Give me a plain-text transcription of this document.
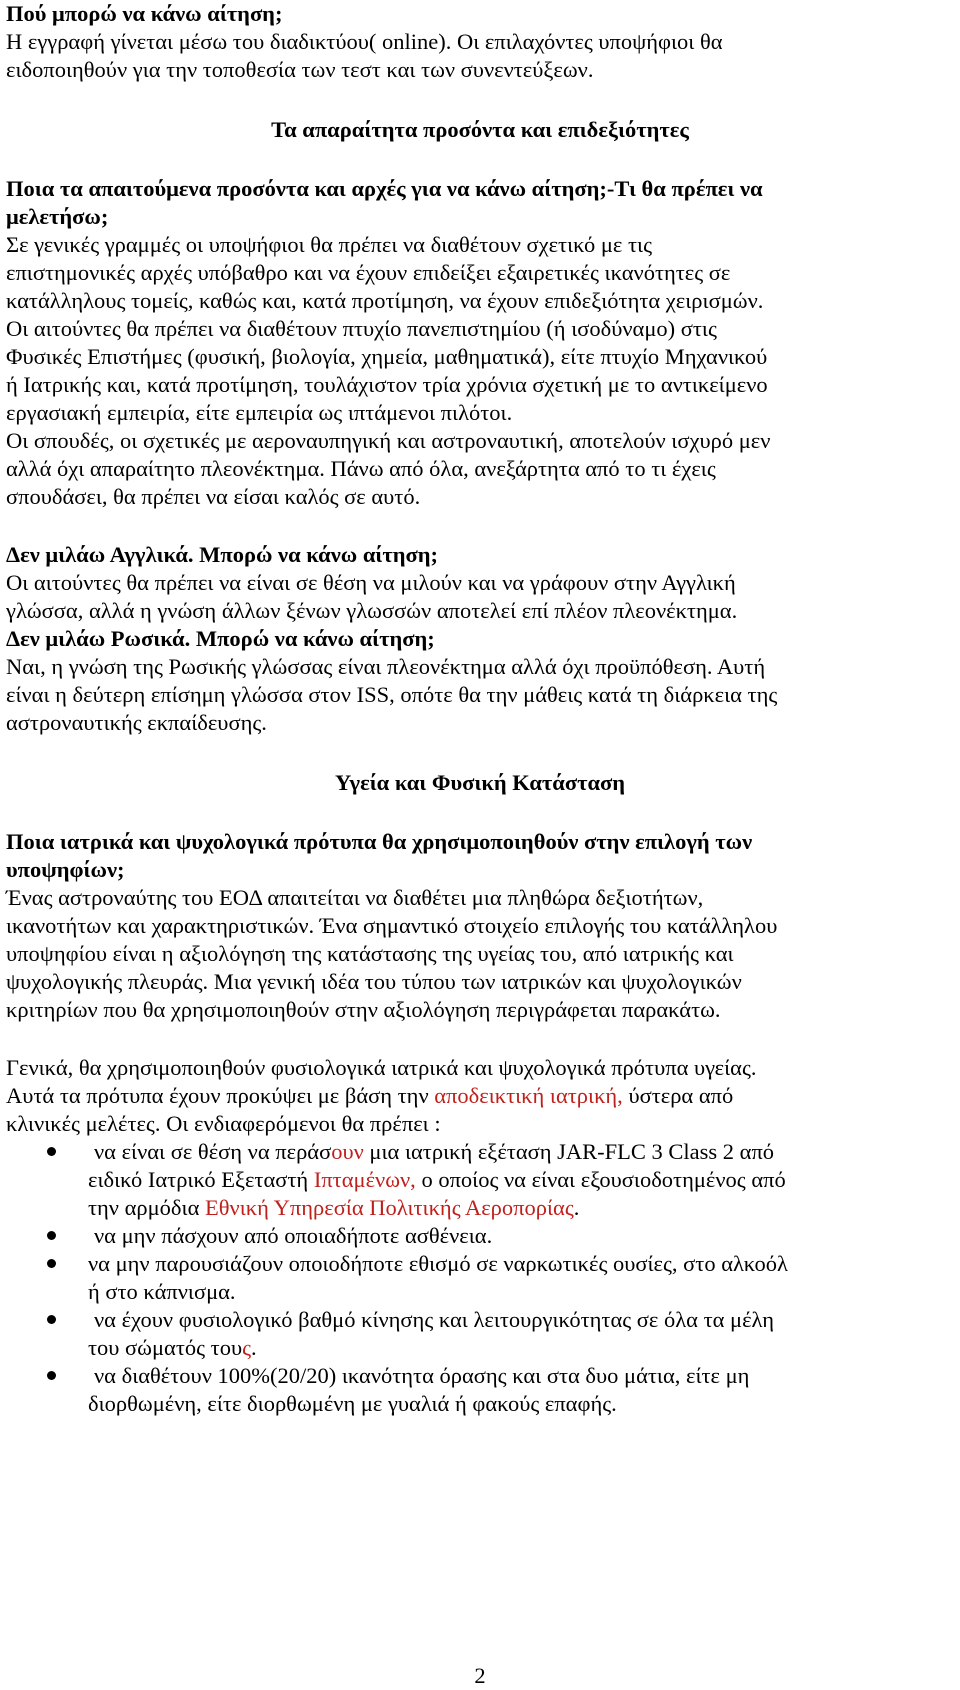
Πού μπορώ να κάνω αίτηση;

Η εγγραφή γίνεται μέσω του διαδικτύου( online). Οι επιλαχόντες υποψήφιοι θα

ειδοποιηθούν για την τοποθεσία των τεστ και των συνεντεύξεων.

Τα απαραίτητα προσόντα και επιδεξιότητες

Ποια τα απαιτούμενα προσόντα και αρχές για να κάνω αίτηση;-Τι θα πρέπει να

μελετήσω;

Σε γενικές γραμμές οι υποψήφιοι θα πρέπει να διαθέτουν σχετικό με τις

επιστημονικές αρχές υπόβαθρο και να έχουν επιδείξει εξαιρετικές ικανότητες σε

κατάλληλους τομείς, καθώς και, κατά προτίμηση, να έχουν επιδεξιότητα χειρισμών.

Οι αιτούντες θα πρέπει να διαθέτουν πτυχίο πανεπιστημίου (ή ισοδύναμο) στις

Φυσικές Επιστήμες (φυσική, βιολογία, χημεία, μαθηματικά), είτε πτυχίο Μηχανικού

ή Ιατρικής και, κατά προτίμηση, τουλάχιστον τρία χρόνια σχετική με το αντικείμενο

εργασιακή εμπειρία, είτε εμπειρία ως ιπτάμενοι πιλότοι.

Οι σπουδές, οι σχετικές με αεροναυπηγική και αστροναυτική, αποτελούν ισχυρό μεν

αλλά όχι απαραίτητο πλεονέκτημα. Πάνω από όλα, ανεξάρτητα από το τι έχεις

σπουδάσει, θα πρέπει να είσαι καλός σε αυτό.

Δεν μιλάω Αγγλικά. Μπορώ να κάνω αίτηση;

Οι αιτούντες θα πρέπει να είναι σε θέση να μιλούν και να γράφουν στην Αγγλική

γλώσσα, αλλά η γνώση άλλων ξένων γλωσσών αποτελεί επί πλέον πλεονέκτημα.

Δεν μιλάω Ρωσικά. Μπορώ να κάνω αίτηση;

Ναι, η γνώση της Ρωσικής γλώσσας είναι πλεονέκτημα αλλά όχι προϋπόθεση. Αυτή

είναι η δεύτερη επίσημη γλώσσα στον ISS, οπότε θα την μάθεις κατά τη διάρκεια της

αστροναυτικής εκπαίδευσης.

Υγεία και Φυσική Κατάσταση

Ποια ιατρικά και ψυχολογικά πρότυπα θα χρησιμοποιηθούν στην επιλογή των

υποψηφίων;

Ένας αστροναύτης του ΕΟΔ απαιτείται να διαθέτει μια πληθώρα δεξιοτήτων,

ικανοτήτων και χαρακτηριστικών. Ένα σημαντικό στοιχείο επιλογής του κατάλληλου

υποψηφίου είναι η αξιολόγηση της κατάστασης της υγείας του, από ιατρικής και

ψυχολογικής πλευράς. Μια γενική ιδέα του τύπου των ιατρικών και ψυχολογικών

κριτηρίων που θα χρησιμοποιηθούν στην αξιολόγηση περιγράφεται παρακάτω.

Γενικά, θα χρησιμοποιηθούν φυσιολογικά ιατρικά και ψυχολογικά πρότυπα υγείας.

Αυτά τα πρότυπα έχουν προκύψει με βάση την αποδεικτική ιατρική, ύστερα από

κλινικές μελέτες. Οι ενδιαφερόμενοι θα πρέπει :

να είναι σε θέση να περάσουν μια ιατρική εξέταση JAR-FLC 3 Class 2 από

ειδικό Ιατρικό Εξεταστή Ιπταμένων, ο οποίος να είναι εξουσιοδοτημένος από

την αρμόδια Εθνική Υπηρεσία Πολιτικής Αεροπορίας.

να μην πάσχουν από οποιαδήποτε ασθένεια.

να μην παρουσιάζουν οποιοδήποτε εθισμό σε ναρκωτικές ουσίες, στο αλκοόλ

ή στο κάπνισμα.

να έχουν φυσιολογικό βαθμό κίνησης και λειτουργικότητας σε όλα τα μέλη

του σώματός τους.

να διαθέτουν 100%(20/20) ικανότητα όρασης και στα δυο μάτια, είτε μη

διορθωμένη, είτε διορθωμένη με γυαλιά ή φακούς επαφής.

2
